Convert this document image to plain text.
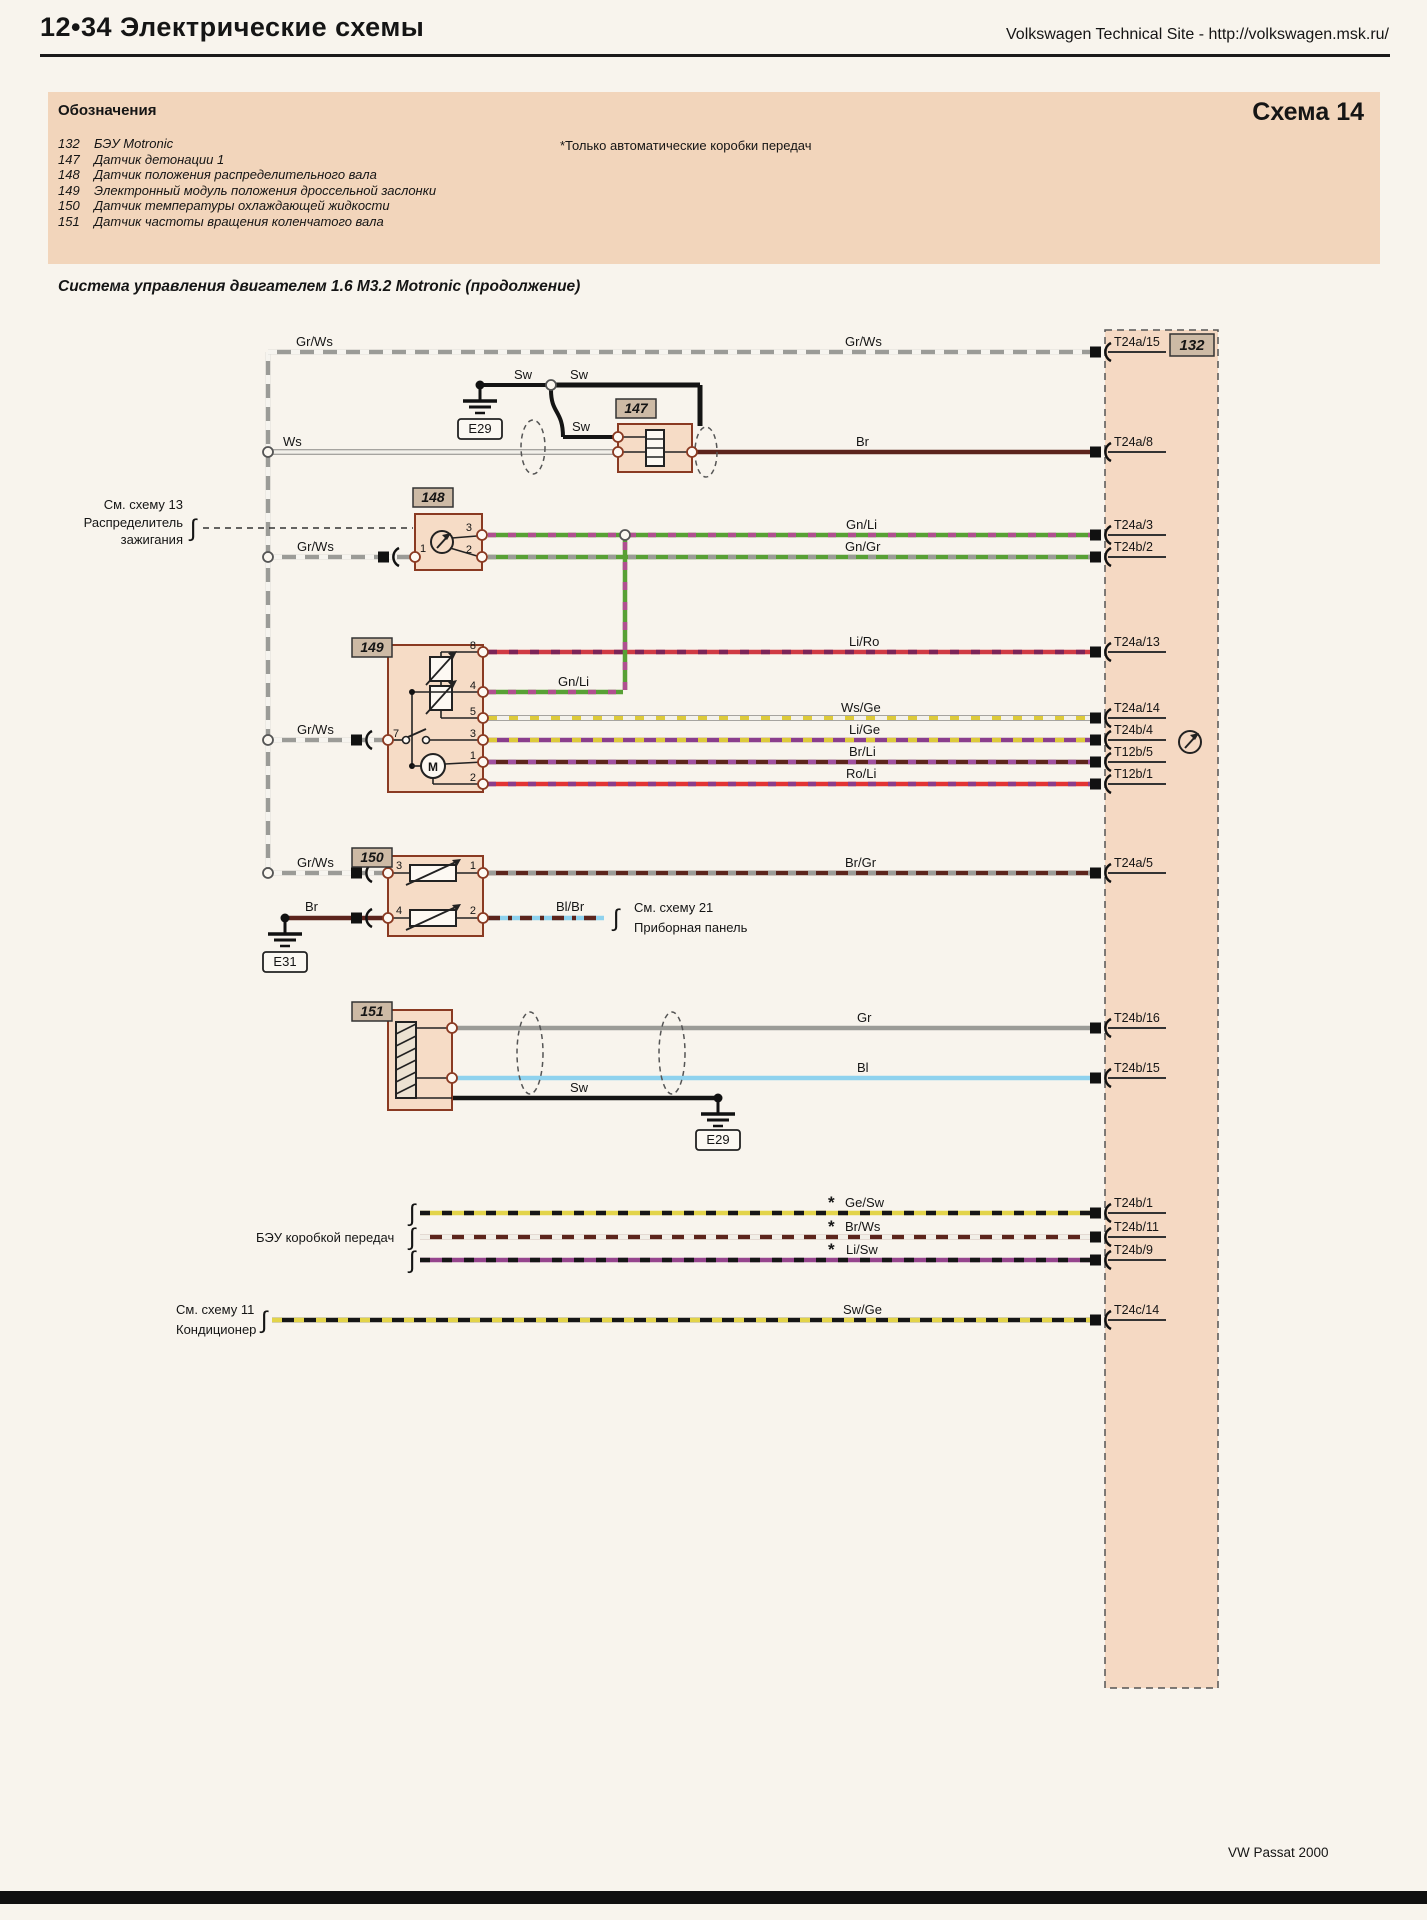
132
147
3
2
1
148
M
8
4
5
3
1
2
7
149
3	1
4	2
150
151
E29
E31
E29
T24a/15
T24a/8
T24a/3
T24b/2
T24a/13
T24a/14
T24b/4
T12b/5
T12b/1
T24a/5
T24b/16
T24b/15
T24b/1
T24b/11
T24b/9
T24c/14
Gr/Ws	Gr/Ws
Sw	Sw
Sw
Ws	Br
Gn/Li
Gn/Gr
Gr/Ws
Li/Ro
Gn/Li
Ws/Ge
Li/Ge
Gr/Ws
Br/Li
Ro/Li
Gr/Ws	Br/Gr
Br	Bl/Br
Gr
Bl
Sw
Ge/Sw
Br/Ws
Li/Sw
Sw/Ge
*
*
*
См. схему 13
Распределитель
зажигания ∫
См. схему 21
Приборная панель
∫
БЭУ коробкой передач
∫
∫
∫
См. схему 11
Кондиционер ∫
12•34 Электрические схемы	Volkswagen Technical Site - http://volkswagen.msk.ru/
Обозначения	Схема 14
*Только автоматические коробки передач
132 БЭУ Motronic
147 Датчик детонации 1
148 Датчик положения распределительного вала
149 Электронный модуль положения дроссельной заслонки
150 Датчик температуры охлаждающей жидкости
151 Датчик частоты вращения коленчатого вала
Система управления двигателем 1.6 M3.2 Motronic (продолжение)
VW Passat 2000
